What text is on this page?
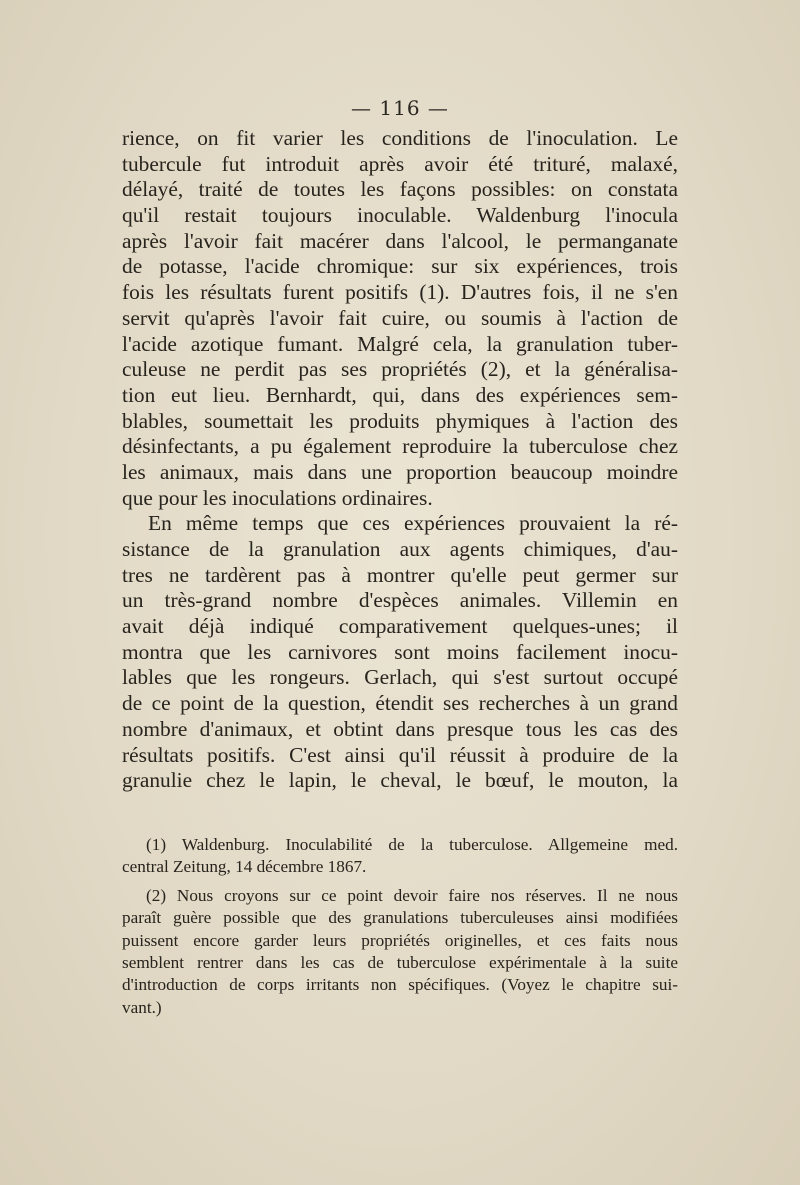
— 116 —
rience, on fit varier les conditions de l'inoculation. Le
tubercule fut introduit après avoir été trituré, malaxé,
délayé, traité de toutes les façons possibles: on constata
qu'il restait toujours inoculable. Waldenburg l'inocula
après l'avoir fait macérer dans l'alcool, le permanganate
de potasse, l'acide chromique: sur six expériences, trois
fois les résultats furent positifs (1). D'autres fois, il ne s'en
servit qu'après l'avoir fait cuire, ou soumis à l'action de
l'acide azotique fumant. Malgré cela, la granulation tuber-
culeuse ne perdit pas ses propriétés (2), et la généralisa-
tion eut lieu. Bernhardt, qui, dans des expériences sem-
blables, soumettait les produits phymiques à l'action des
désinfectants, a pu également reproduire la tuberculose chez
les animaux, mais dans une proportion beaucoup moindre
que pour les inoculations ordinaires.
En même temps que ces expériences prouvaient la ré-
sistance de la granulation aux agents chimiques, d'au-
tres ne tardèrent pas à montrer qu'elle peut germer sur
un très-grand nombre d'espèces animales. Villemin en
avait déjà indiqué comparativement quelques-unes; il
montra que les carnivores sont moins facilement inocu-
lables que les rongeurs. Gerlach, qui s'est surtout occupé
de ce point de la question, étendit ses recherches à un grand
nombre d'animaux, et obtint dans presque tous les cas des
résultats positifs. C'est ainsi qu'il réussit à produire de la
granulie chez le lapin, le cheval, le bœuf, le mouton, la
(1) Waldenburg. Inoculabilité de la tuberculose. Allgemeine med.
central Zeitung, 14 décembre 1867.
(2) Nous croyons sur ce point devoir faire nos réserves. Il ne nous
paraît guère possible que des granulations tuberculeuses ainsi modifiées
puissent encore garder leurs propriétés originelles, et ces faits nous
semblent rentrer dans les cas de tuberculose expérimentale à la suite
d'introduction de corps irritants non spécifiques. (Voyez le chapitre sui-
vant.)
